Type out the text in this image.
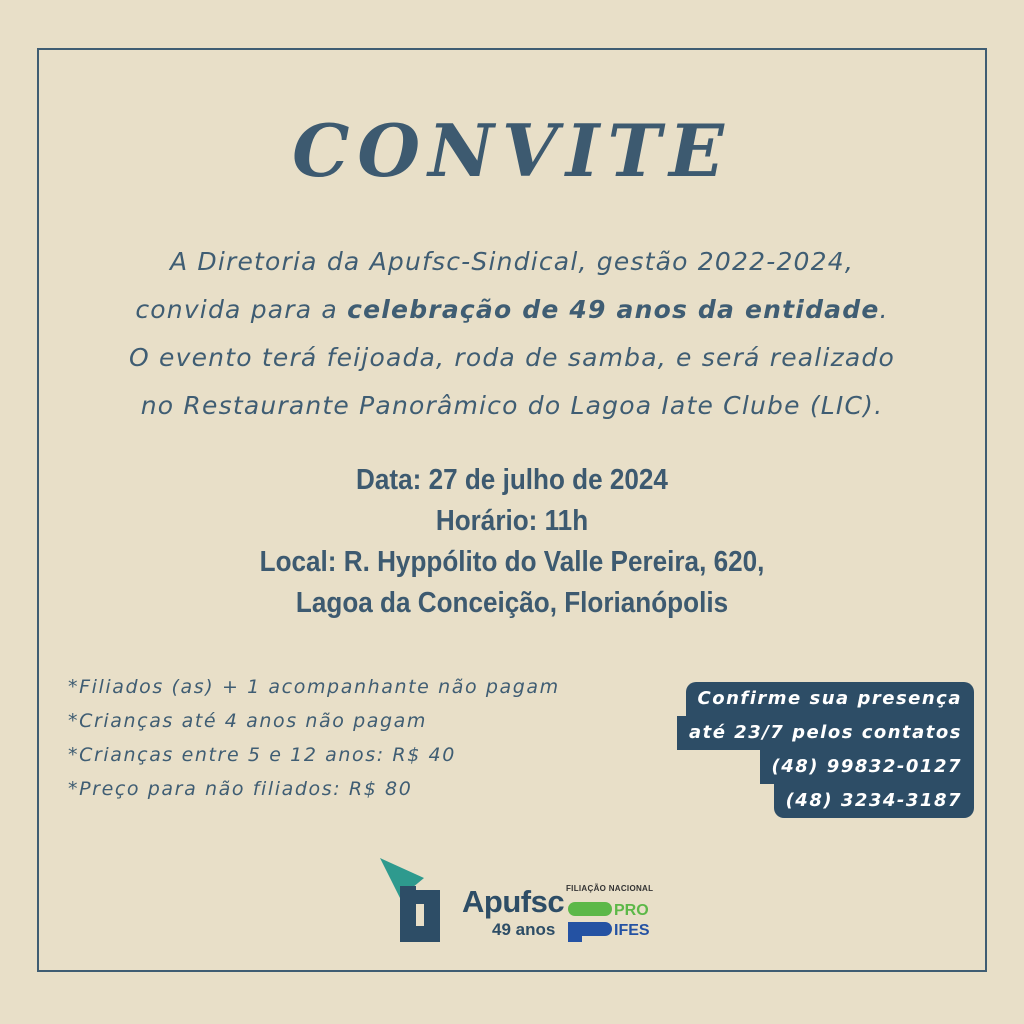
CONVITE

A Diretoria da Apufsc-Sindical, gestão 2022-2024,

convida para a celebração de 49 anos da entidade.

O evento terá feijoada, roda de samba, e será realizado

no Restaurante Panorâmico do Lagoa Iate Clube (LIC).

Data: 27 de julho de 2024
Horário: 11h
Local: R. Hyppólito do Valle Pereira, 620,
Lagoa da Conceição, Florianópolis
*Filiados (as) + 1 acompanhante não pagam
*Crianças até 4 anos não pagam
*Crianças entre 5 e 12 anos: R$ 40
*Preço para não filiados: R$ 80
Confirme sua presença
até 23/7 pelos contatos
(48) 99832-0127
(48) 3234-3187
Apufsc
49 anos
FILIAÇÃO NACIONAL
PRO
IFES
